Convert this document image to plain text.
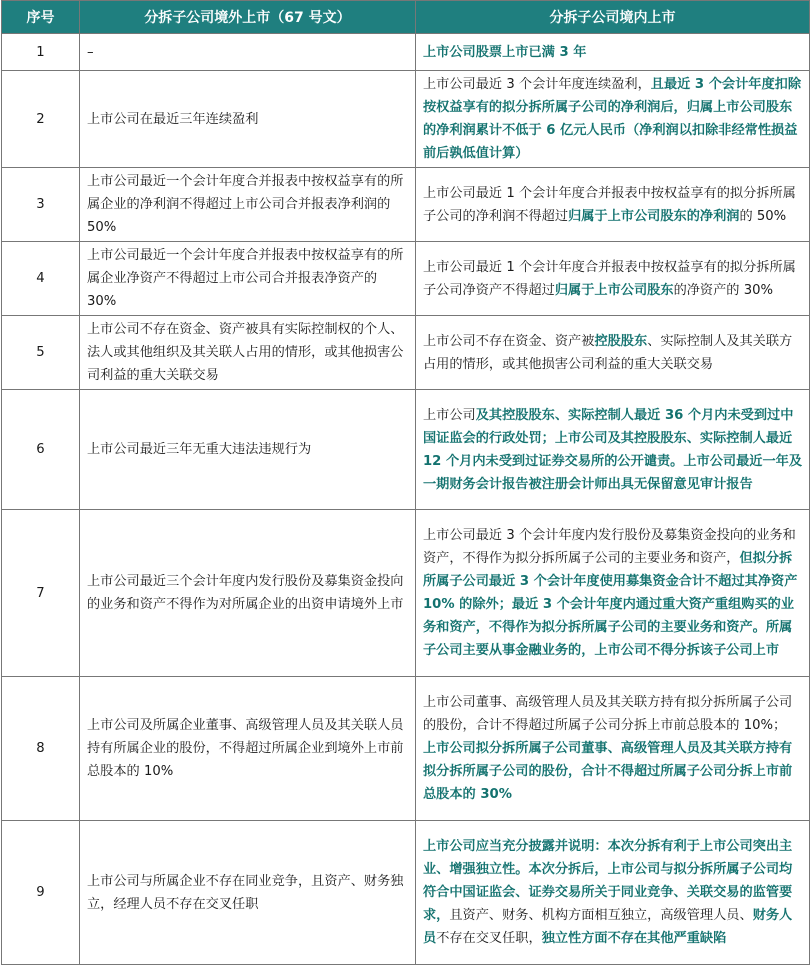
序号	分拆子公司境外上市（67 号文）	分拆子公司境内上市
1	–	上市公司股票上市已满 3 年
2	上市公司在最近三年连续盈利	上市公司最近 3 个会计年度连续盈利，且最近 3 个会计年度扣除按权益享有的拟分拆所属子公司的净利润后，归属上市公司股东的净利润累计不低于 6 亿元人民币（净利润以扣除非经常性损益前后孰低值计算）
3	上市公司最近一个会计年度合并报表中按权益享有的所属企业的净利润不得超过上市公司合并报表净利润的 50%	上市公司最近 1 个会计年度合并报表中按权益享有的拟分拆所属子公司的净利润不得超过归属于上市公司股东的净利润的 50%
4	上市公司最近一个会计年度合并报表中按权益享有的所属企业净资产不得超过上市公司合并报表净资产的 30%	上市公司最近 1 个会计年度合并报表中按权益享有的拟分拆所属子公司净资产不得超过归属于上市公司股东的净资产的 30%
5	上市公司不存在资金、资产被具有实际控制权的个人、法人或其他组织及其关联人占用的情形，或其他损害公司利益的重大关联交易	上市公司不存在资金、资产被控股股东、实际控制人及其关联方占用的情形，或其他损害公司利益的重大关联交易
6	上市公司最近三年无重大违法违规行为	上市公司及其控股股东、实际控制人最近 36 个月内未受到过中国证监会的行政处罚；上市公司及其控股股东、实际控制人最近 12 个月内未受到过证券交易所的公开谴责。上市公司最近一年及一期财务会计报告被注册会计师出具无保留意见审计报告
7	上市公司最近三个会计年度内发行股份及募集资金投向的业务和资产不得作为对所属企业的出资申请境外上市	上市公司最近 3 个会计年度内发行股份及募集资金投向的业务和资产，不得作为拟分拆所属子公司的主要业务和资产，但拟分拆所属子公司最近 3 个会计年度使用募集资金合计不超过其净资产 10% 的除外；最近 3 个会计年度内通过重大资产重组购买的业务和资产，不得作为拟分拆所属子公司的主要业务和资产。所属子公司主要从事金融业务的，上市公司不得分拆该子公司上市
8	上市公司及所属企业董事、高级管理人员及其关联人员持有所属企业的股份，不得超过所属企业到境外上市前总股本的 10%	上市公司董事、高级管理人员及其关联方持有拟分拆所属子公司的股份，合计不得超过所属子公司分拆上市前总股本的 10%；
上市公司拟分拆所属子公司董事、高级管理人员及其关联方持有拟分拆所属子公司的股份，合计不得超过所属子公司分拆上市前总股本的 30%
9	上市公司与所属企业不存在同业竞争，且资产、财务独立，经理人员不存在交叉任职	上市公司应当充分披露并说明：本次分拆有利于上市公司突出主业、增强独立性。本次分拆后，上市公司与拟分拆所属子公司均符合中国证监会、证券交易所关于同业竞争、关联交易的监管要求，且资产、财务、机构方面相互独立，高级管理人员、财务人员不存在交叉任职，独立性方面不存在其他严重缺陷
